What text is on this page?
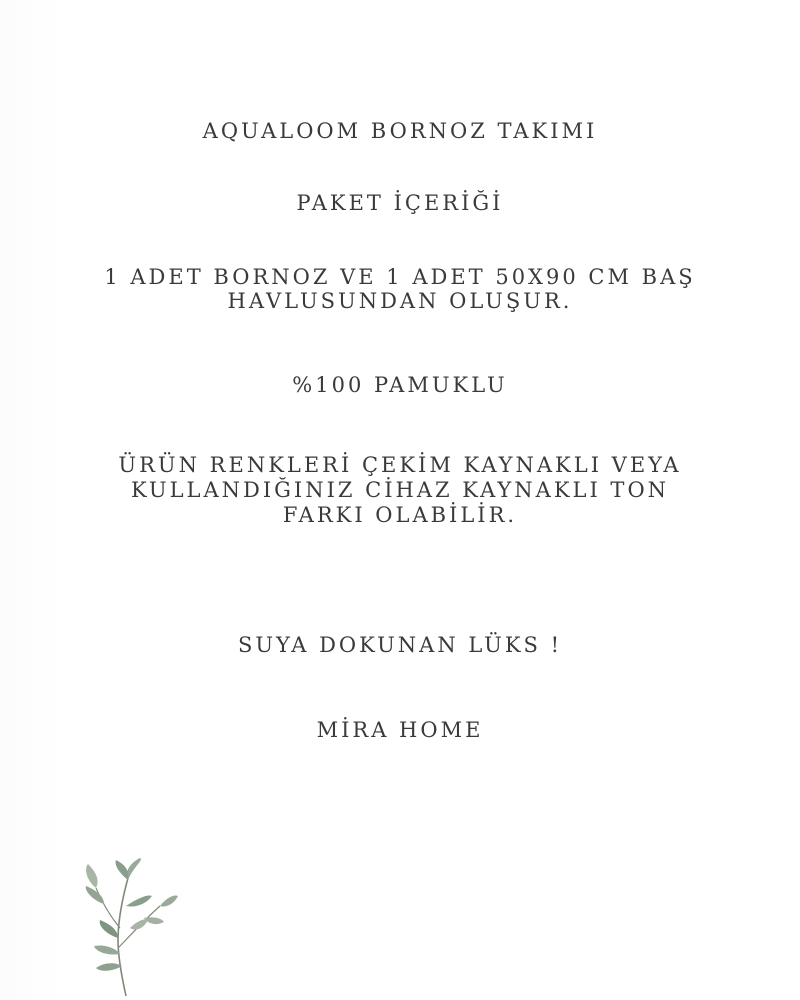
AQUALOOM BORNOZ TAKIMI
PAKET İÇERİĞİ
1 ADET BORNOZ VE 1 ADET 50X90 CM BAŞ
HAVLUSUNDAN OLUŞUR.
%100 PAMUKLU
ÜRÜN RENKLERİ ÇEKİM KAYNAKLI VEYA
KULLANDIĞINIZ CİHAZ KAYNAKLI TON
FARKI OLABİLİR.
SUYA DOKUNAN LÜKS !
MİRA HOME
